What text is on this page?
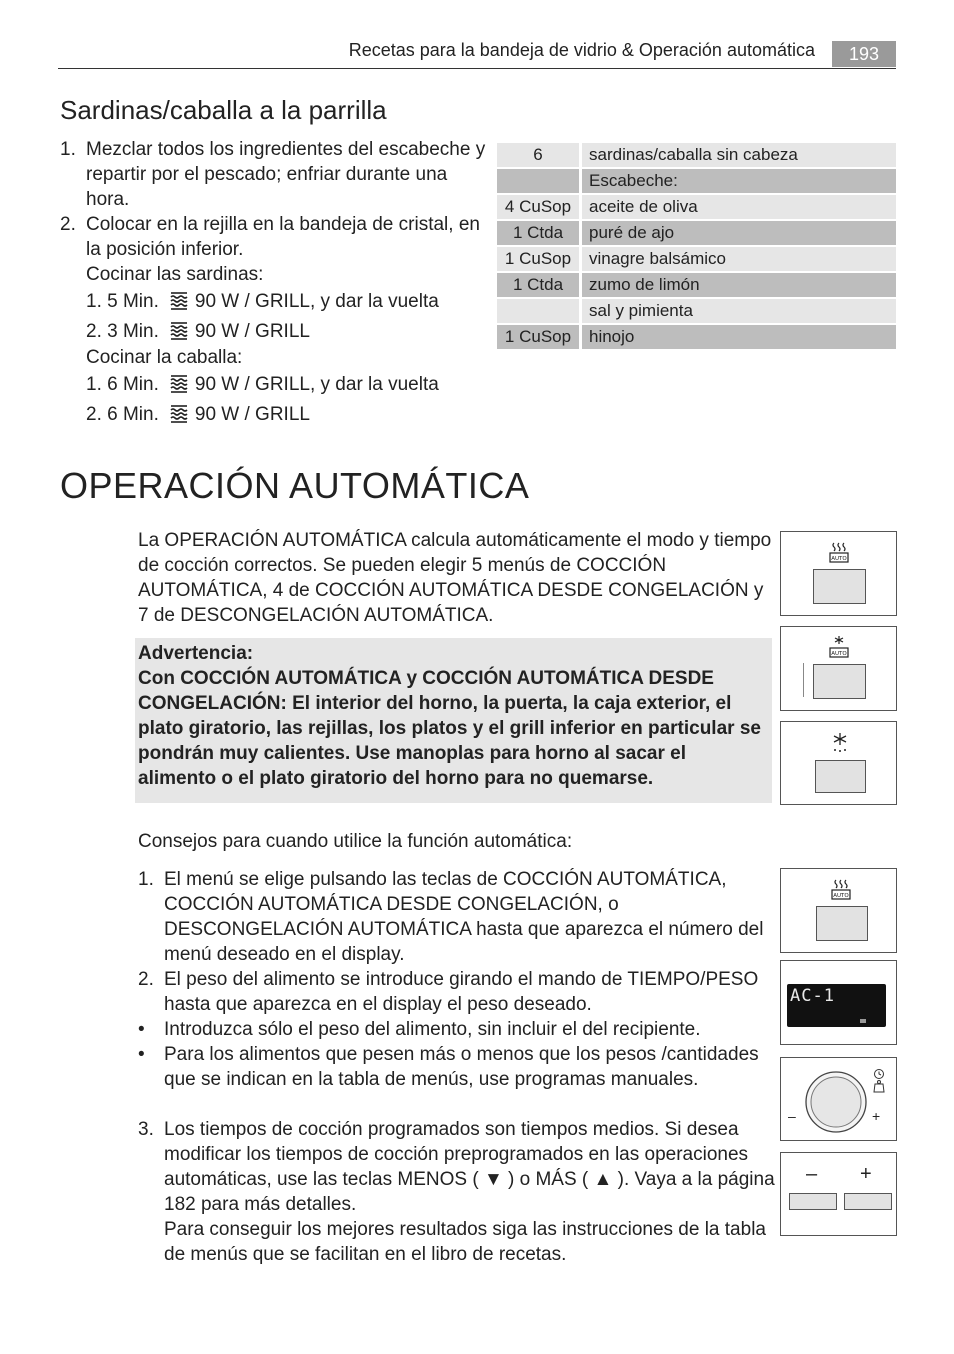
Recetas para la bandeja de vidrio & Operación automática	193
Sardinas/caballa a la parrilla
1. Mezclar todos los ingredientes del escabeche y repartir por el pescado; enfriar durante una hora.
2. Colocar en la rejilla en la bandeja de cristal, en la posición inferior.
Cocinar las sardinas:
1. 5 Min. 90 W / GRILL, y dar la vuelta
2. 3 Min. 90 W / GRILL
Cocinar la caballa:
1. 6 Min. 90 W / GRILL, y dar la vuelta
2. 6 Min. 90 W / GRILL
6		sardinas/caballa sin cabeza
		Escabeche:
4 CuSop		aceite de oliva
1 Ctda		puré de ajo
1 CuSop		vinagre balsámico
1 Ctda		zumo de limón
		sal y pimienta
1 CuSop		hinojo
OPERACIÓN AUTOMÁTICA
La OPERACIÓN AUTOMÁTICA calcula automáticamente el modo y tiempo de cocción correctos. Se pueden elegir 5 menús de COCCIÓN AUTOMÁTICA, 4 de COCCIÓN AUTOMÁTICA DESDE CONGELACIÓN y 7 de DESCONGELACIÓN AUTOMÁTICA.
Advertencia:
Con COCCIÓN AUTOMÁTICA y COCCIÓN AUTOMÁTICA DESDE CONGELACIÓN: El interior del horno, la puerta, la caja exterior, el plato giratorio, las rejillas, los platos y el grill inferior en particular se pondrán muy calientes. Use manoplas para horno al sacar el alimento o el plato giratorio del horno para no quemarse.
Consejos para cuando utilice la función automática:
1. El menú se elige pulsando las teclas de COCCIÓN AUTOMÁTICA, COCCIÓN AUTOMÁTICA DESDE CONGELACIÓN, o DESCONGELACIÓN AUTOMÁTICA hasta que aparezca el número del menú deseado en el display.
2. El peso del alimento se introduce girando el mando de TIEMPO/PESO hasta que aparezca en el display el peso deseado.
• Introduzca sólo el peso del alimento, sin incluir el del recipiente.
• Para los alimentos que pesen más o menos que los pesos /cantidades que se indican en la tabla de menús, use programas manuales.
3. Los tiempos de cocción programados son tiempos medios. Si desea modificar los tiempos de cocción preprogramados en las operaciones automáticas, use las teclas MENOS ( ▼ ) o MÁS ( ▲ ). Vaya a la página 182 para más detalles.
Para conseguir los mejores resultados siga las instrucciones de la tabla de menús que se facilitan en el libro de recetas.
AUTO
AUTO
AUTO
AC-1
–	+
– +
